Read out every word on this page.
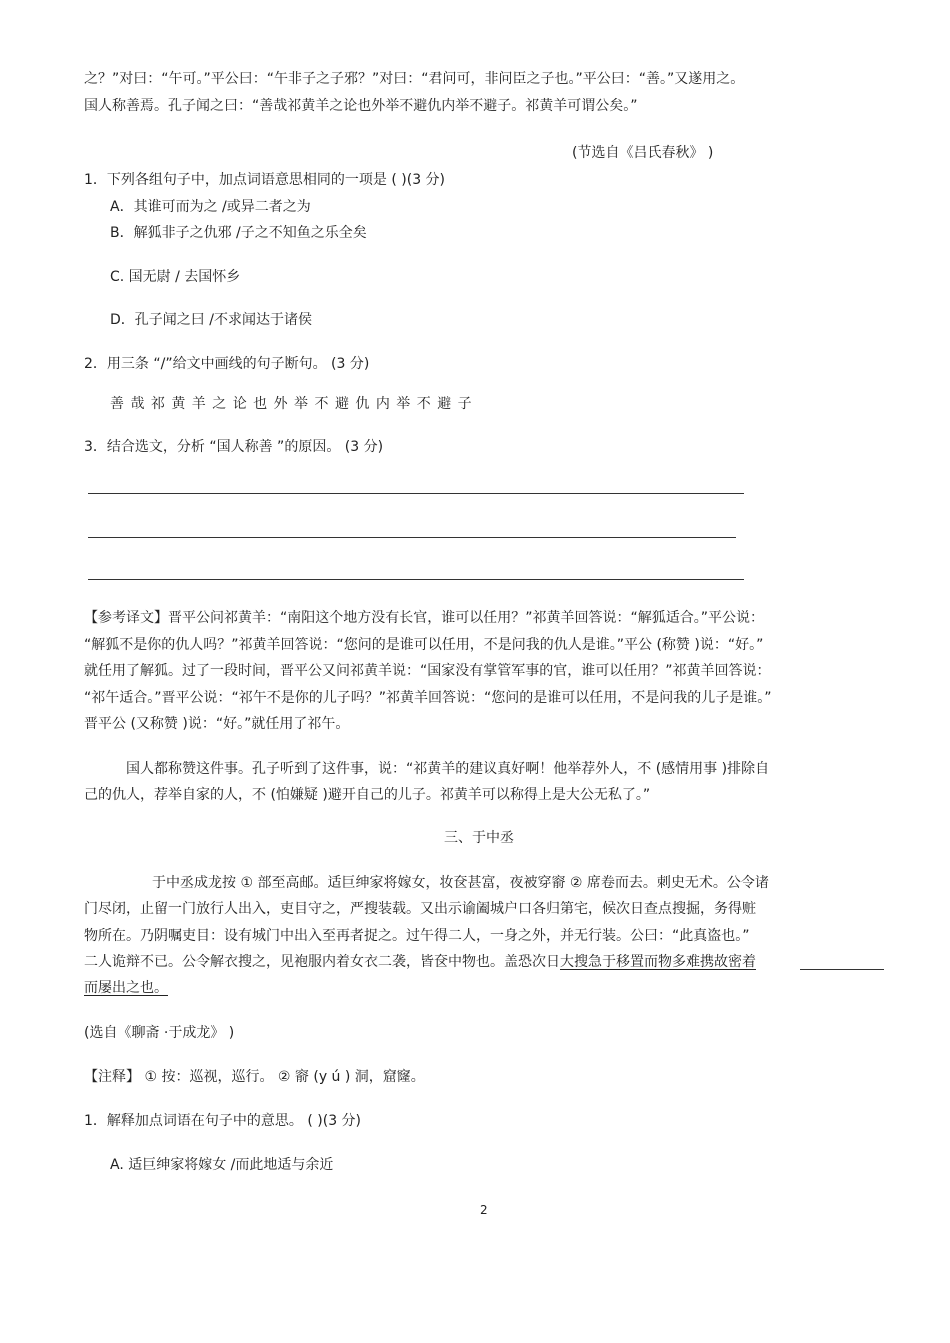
之？”对曰：“午可。”平公曰：“午非子之子邪？”对曰：“君问可，非问臣之子也。”平公曰：“善。”又遂用之。
国人称善焉。孔子闻之曰：“善哉祁黄羊之论也外举不避仇内举不避子。祁黄羊可谓公矣。”
(节选自《吕氏春秋》 )
1．下列各组句子中，加点词语意思相同的一项是 ( )(3 分)
A．其谁可而为之 /或异二者之为
B．解狐非子之仇邪 /子之不知鱼之乐全矣
C. 国无尉 / 去国怀乡
D．孔子闻之曰 /不求闻达于诸侯
2．用三条 “/”给文中画线的句子断句。 (3 分)
善 哉 祁 黄 羊 之 论 也 外 举 不 避 仇 内 举 不 避 子
3．结合选文，分析 “国人称善 ”的原因。 (3 分)
【参考译文】晋平公问祁黄羊：“南阳这个地方没有长官，谁可以任用？”祁黄羊回答说：“解狐适合。”平公说：
“解狐不是你的仇人吗？”祁黄羊回答说：“您问的是谁可以任用，不是问我的仇人是谁。”平公 (称赞 )说：“好。”
就任用了解狐。过了一段时间，晋平公又问祁黄羊说：“国家没有掌管军事的官，谁可以任用？”祁黄羊回答说：
“祁午适合。”晋平公说：“祁午不是你的儿子吗？”祁黄羊回答说：“您问的是谁可以任用，不是问我的儿子是谁。”
晋平公 (又称赞 )说：“好。”就任用了祁午。
国人都称赞这件事。孔子听到了这件事，说：“祁黄羊的建议真好啊！他举荐外人，不 (感情用事 )排除自
己的仇人，荐举自家的人，不 (怕嫌疑 )避开自己的儿子。祁黄羊可以称得上是大公无私了。”
三、于中丞
于中丞成龙按 ① 部至高邮。适巨绅家将嫁女，妆奁甚富，夜被穿窬 ② 席卷而去。刺史无术。公令诸
门尽闭，止留一门放行人出入，吏目守之，严搜装载。又出示谕阖城户口各归第宅，候次日查点搜掘，务得赃
物所在。乃阴嘱吏目：设有城门中出入至再者捉之。过午得二人，一身之外，并无行装。公曰：“此真盗也。”
二人诡辩不已。公令解衣搜之，见袍服内着女衣二袭，皆奁中物也。盖恐次日大搜急于移置而物多难携故密着
而屡出之也。
(选自《聊斋 ·于成龙》 )
【注释】 ① 按：巡视，巡行。 ② 窬 (y ú ) 洞，窟窿。
1．解释加点词语在句子中的意思。 ( )(3 分)
A. 适巨绅家将嫁女 /而此地适与余近
2
